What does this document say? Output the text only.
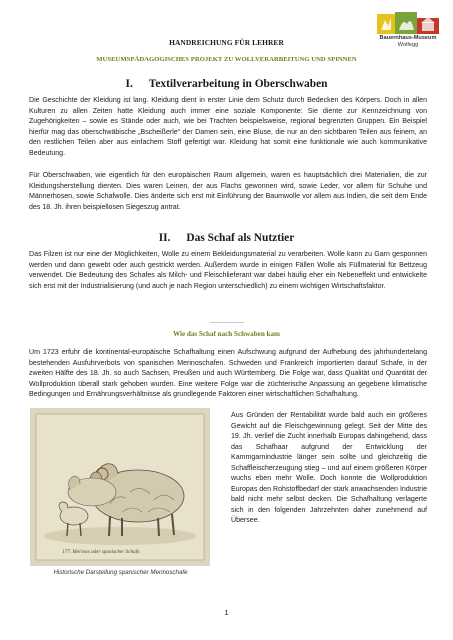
Bauernhaus-Museum
Wolfegg
HANDREICHUNG FÜR LEHRER
MUSEUMSPÄDAGOGISCHES PROJEKT ZU WOLLVERARBEITUNG UND SPINNEN
I. Textilverarbeitung in Oberschwaben
Die Geschichte der Kleidung ist lang. Kleidung dient in erster Linie dem Schutz durch Bedecken des Körpers. Doch in allen Kulturen zu allen Zeiten hatte Kleidung auch immer eine soziale Komponente: Sie diente zur Kennzeichnung von Zugehörigkeiten – sowie es Stände oder auch, wie bei Trachten beispielsweise, regional begrenzten Gruppen. Ein Beispiel hierfür mag das oberschwäbische „Bscheißerle“ der Damen sein, eine Bluse, die nur an den sichtbaren Teilen aus feinem, an den restlichen Teilen aber aus einfachem Stoff gefertigt war. Kleidung hat somit eine funktionale wie auch kommunikative Bedeutung.
Für Oberschwaben, wie eigentlich für den europäischen Raum allgemein, waren es hauptsächlich drei Materialien, die zur Kleidungsherstellung dienten. Dies waren Leinen, der aus Flachs gewonnen wird, sowie Leder, vor allem für Schuhe und Männerhosen, sowie Schafwolle. Dies änderte sich erst mit Einführung der Baumwolle vor allem aus Indien, die seit dem Ende des 18. Jh. ihren beispiellosen Siegeszug antrat.
II. Das Schaf als Nutztier
Das Filzen ist nur eine der Möglichkeiten, Wolle zu einem Bekleidungsmaterial zu verarbeiten. Wolle kann zu Garn gesponnen werden und dann gewebt oder auch gestrickt werden. Außerdem wurde in einigen Fällen Wolle als Füllmaterial für Bettzeug verwendet. Die Bedeutung des Schafes als Milch- und Fleischlieferant war dabei häufig eher ein Nebeneffekt und entwickelte sich erst mit der Industrialisierung (und auch je nach Region unterschiedlich) zu einem wichtigen Wirtschaftsfaktor.
Wie das Schaf nach Schwaben kam
Um 1723 erfuhr die kontinental-europäische Schafhaltung einen Aufschwung aufgrund der Aufhebung des jahrhundertelang bestehenden Ausfuhrverbots von spanischen Merinoschafen. Schweden und Frankreich importierten darauf Schafe, in der zweiten Hälfte des 18. Jh. so auch Sachsen, Preußen und auch Württemberg. Die Folge war, dass Qualität und Quantität der Wollproduktion überall stark gehoben wurden. Eine weitere Folge war die züchterische Anpassung an gegebene klimatische Bedingungen und Ernährungsverhältnisse als grundlegende Faktoren einer wirtschaftlichen Schafhaltung.
177. Merinos oder spanischer Schafe.
Historische Darstellung spanischer Merinoschafe
Aus Gründen der Rentabilität wurde bald auch ein größeres Gewicht auf die Fleischgewinnung gelegt. Seit der Mitte des 19. Jh. verlief die Zucht innerhalb Europas dahingehend, dass das Schafhaar aufgrund der Entwicklung der Kammgarnindustrie länger sein sollte und gleichzeitig die Schaffleischerzeugung stieg – und auf einem größeren Körper wuchs eben mehr Wolle. Doch konnte die Wollproduktion Europas den Rohstoffbedarf der stark anwachsenden Industrie bald nicht mehr selbst decken. Die Schafhaltung verlagerte sich in den folgenden Jahrzehnten daher zunehmend auf Übersee.
1
